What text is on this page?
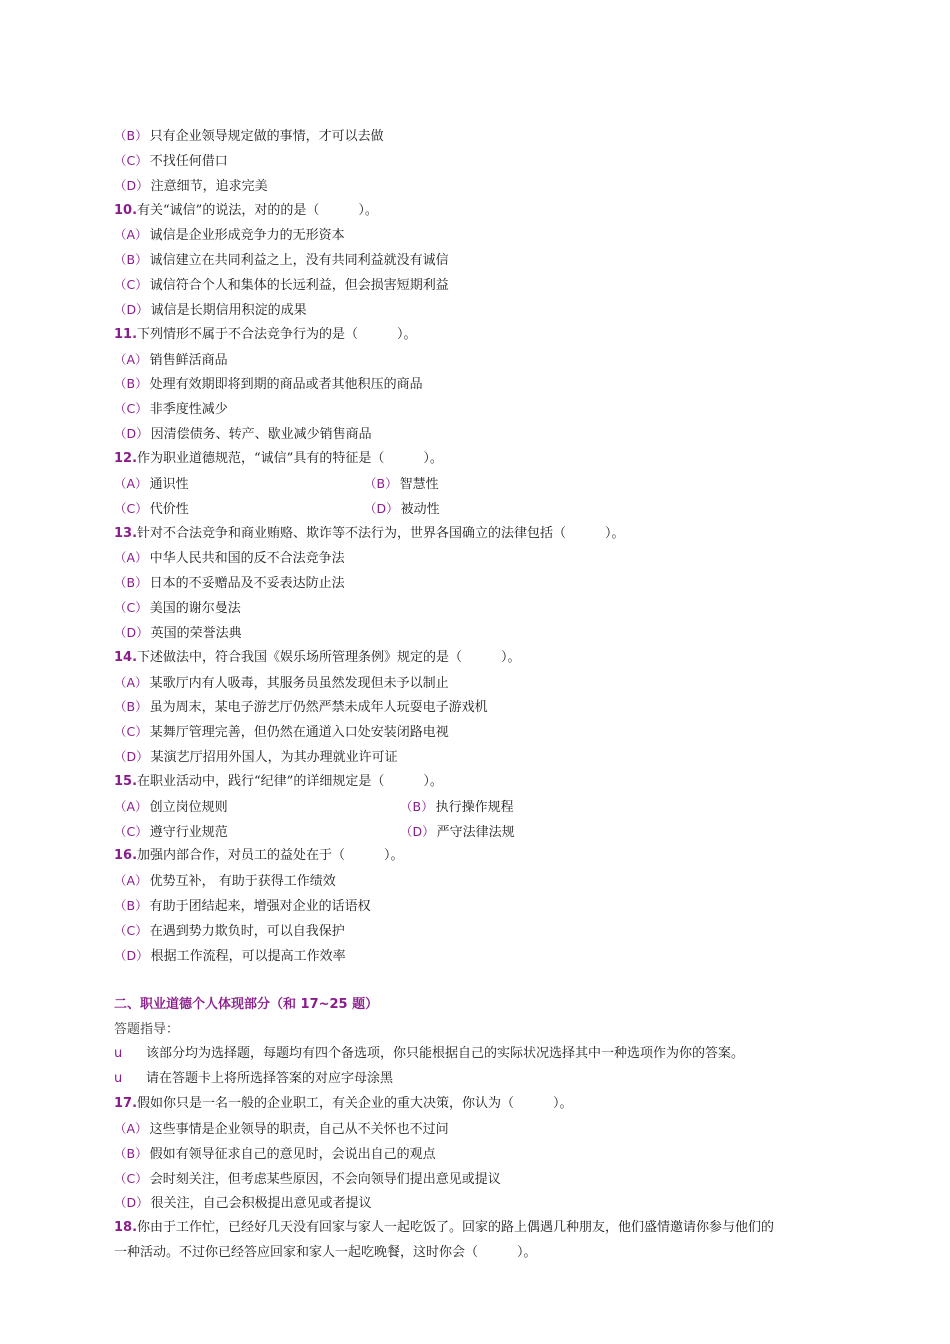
（B） 只有企业领导规定做的事情，才可以去做
（C） 不找任何借口
（D） 注意细节，追求完美
10.有关“诚信”的说法，对的的是（　　　）。
（A） 诚信是企业形成竞争力的无形资本
（B） 诚信建立在共同利益之上，没有共同利益就没有诚信
（C） 诚信符合个人和集体的长远利益，但会损害短期利益
（D） 诚信是长期信用积淀的成果
11.下列情形不属于不合法竞争行为的是（　　　）。
（A） 销售鲜活商品
（B） 处理有效期即将到期的商品或者其他积压的商品
（C） 非季度性减少
（D） 因清偿债务、转产、歇业减少销售商品
12.作为职业道德规范，“诚信”具有的特征是（　　　）。
（A） 通识性	（B） 智慧性
（C） 代价性	（D） 被动性
13.针对不合法竞争和商业贿赂、欺诈等不法行为，世界各国确立的法律包括（　　　）。
（A） 中华人民共和国的反不合法竞争法
（B） 日本的不妥赠品及不妥表达防止法
（C） 美国的谢尔曼法
（D） 英国的荣誉法典
14.下述做法中，符合我国《娱乐场所管理条例》规定的是（　　　）。
（A） 某歌厅内有人吸毒，其服务员虽然发现但未予以制止
（B） 虽为周末，某电子游艺厅仍然严禁未成年人玩耍电子游戏机
（C） 某舞厅管理完善，但仍然在通道入口处安装闭路电视
（D） 某演艺厅招用外国人，为其办理就业许可证
15.在职业活动中，践行“纪律”的详细规定是（　　　）。
（A） 创立岗位规则	（B） 执行操作规程
（C） 遵守行业规范	（D） 严守法律法规
16.加强内部合作，对员工的益处在于（　　　）。
（A） 优势互补， 有助于获得工作绩效
（B） 有助于团结起来，增强对企业的话语权
（C） 在遇到势力欺负时，可以自我保护
（D） 根据工作流程，可以提高工作效率
二、职业道德个人体现部分（和 17~25 题）
答题指导：
u 该部分均为选择题，每题均有四个备选项，你只能根据自己的实际状况选择其中一种选项作为你的答案。
u 请在答题卡上将所选择答案的对应字母涂黑
17.假如你只是一名一般的企业职工，有关企业的重大决策，你认为（　　　）。
（A） 这些事情是企业领导的职责，自己从不关怀也不过问
（B） 假如有领导征求自己的意见时，会说出自己的观点
（C） 会时刻关注，但考虑某些原因，不会向领导们提出意见或提议
（D） 很关注，自己会积极提出意见或者提议
18.你由于工作忙，已经好几天没有回家与家人一起吃饭了。回家的路上偶遇几种朋友，他们盛情邀请你参与他们的
一种活动。不过你已经答应回家和家人一起吃晚餐，这时你会（　　　）。
